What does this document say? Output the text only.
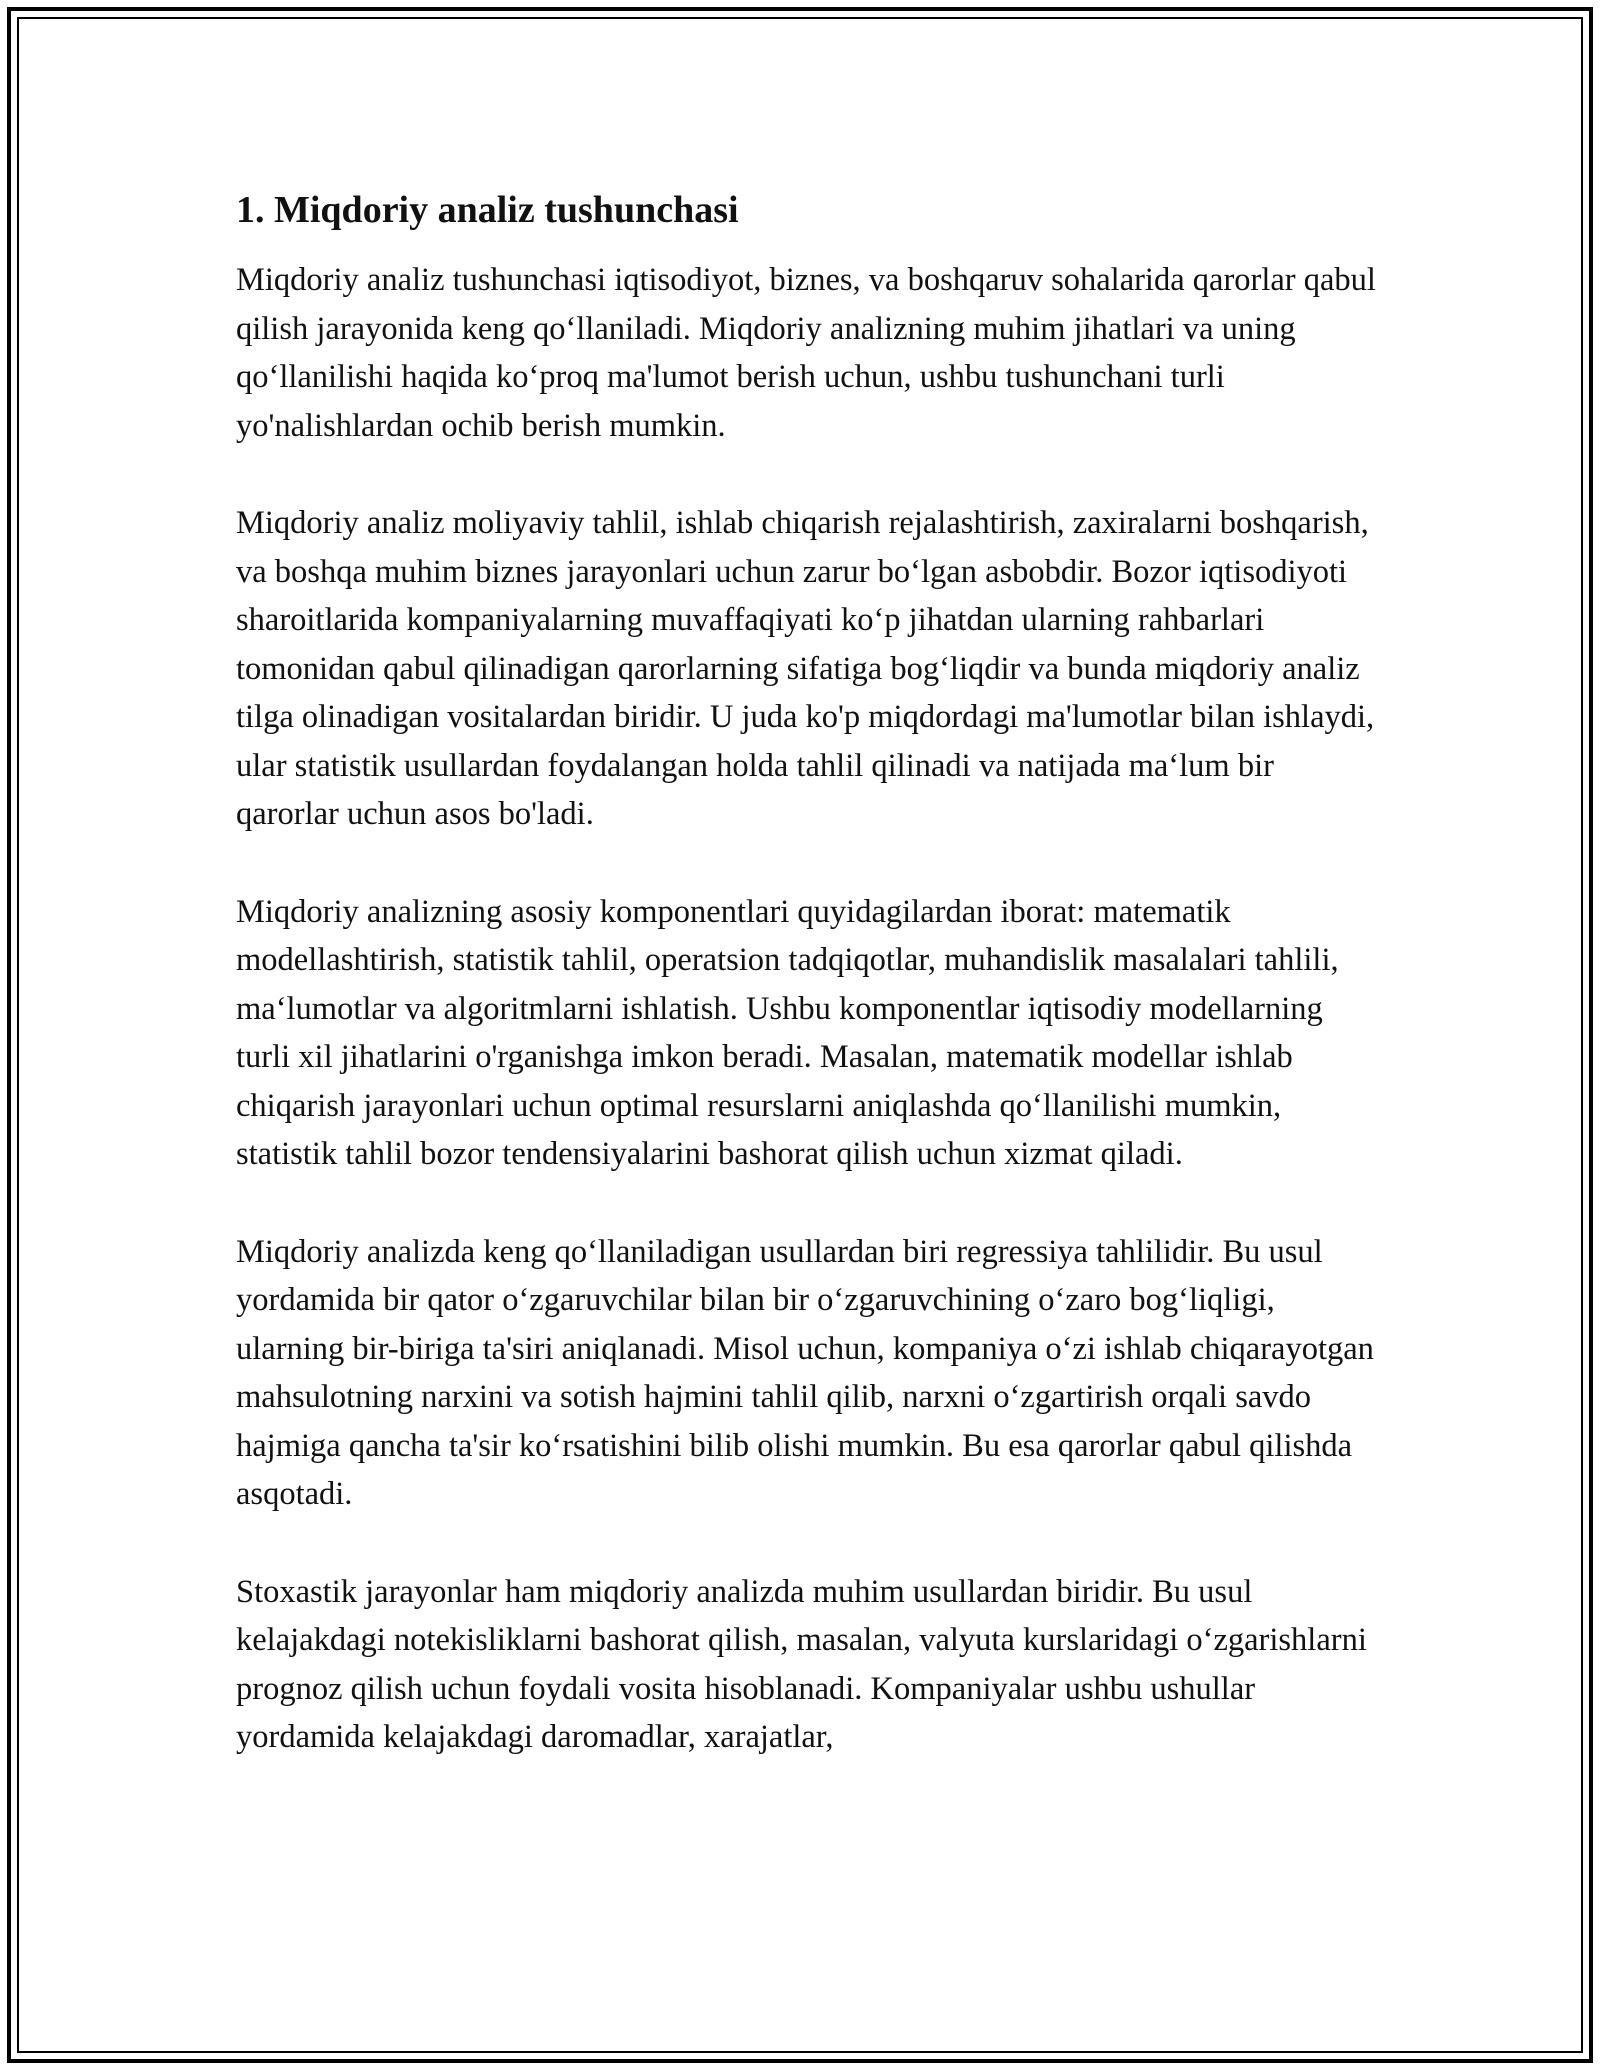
1. Miqdoriy analiz tushunchasi

Miqdoriy analiz tushunchasi iqtisodiyot, biznes, va boshqaruv sohalarida qarorlar qabul qilish jarayonida keng qoʻllaniladi. Miqdoriy analizning muhim jihatlari va uning qoʻllanilishi haqida koʻproq ma'lumot berish uchun, ushbu tushunchani turli yo'nalishlardan ochib berish mumkin.

Miqdoriy analiz moliyaviy tahlil, ishlab chiqarish rejalashtirish, zaxiralarni boshqarish, va boshqa muhim biznes jarayonlari uchun zarur boʻlgan asbobdir. Bozor iqtisodiyoti sharoitlarida kompaniyalarning muvaffaqiyati koʻp jihatdan ularning rahbarlari tomonidan qabul qilinadigan qarorlarning sifatiga bogʻliqdir va bunda miqdoriy analiz tilga olinadigan vositalardan biridir. U juda ko'p miqdordagi ma'lumotlar bilan ishlaydi, ular statistik usullardan foydalangan holda tahlil qilinadi va natijada maʻlum bir qarorlar uchun asos bo'ladi.

Miqdoriy analizning asosiy komponentlari quyidagilardan iborat: matematik modellashtirish, statistik tahlil, operatsion tadqiqotlar, muhandislik masalalari tahlili, maʻlumotlar va algoritmlarni ishlatish. Ushbu komponentlar iqtisodiy modellarning turli xil jihatlarini o'rganishga imkon beradi. Masalan, matematik modellar ishlab chiqarish jarayonlari uchun optimal resurslarni aniqlashda qoʻllanilishi mumkin, statistik tahlil bozor tendensiyalarini bashorat qilish uchun xizmat qiladi.

Miqdoriy analizda keng qoʻllaniladigan usullardan biri regressiya tahlilidir. Bu usul yordamida bir qator oʻzgaruvchilar bilan bir oʻzgaruvchining oʻzaro bogʻliqligi, ularning bir-biriga ta'siri aniqlanadi. Misol uchun, kompaniya oʻzi ishlab chiqarayotgan mahsulotning narxini va sotish hajmini tahlil qilib, narxni oʻzgartirish orqali savdo hajmiga qancha ta'sir koʻrsatishini bilib olishi mumkin. Bu esa qarorlar qabul qilishda asqotadi.

Stoxastik jarayonlar ham miqdoriy analizda muhim usullardan biridir. Bu usul kelajakdagi notekisliklarni bashorat qilish, masalan, valyuta kurslaridagi oʻzgarishlarni prognoz qilish uchun foydali vosita hisoblanadi. Kompaniyalar ushbu ushullar yordamida kelajakdagi daromadlar, xarajatlar,
